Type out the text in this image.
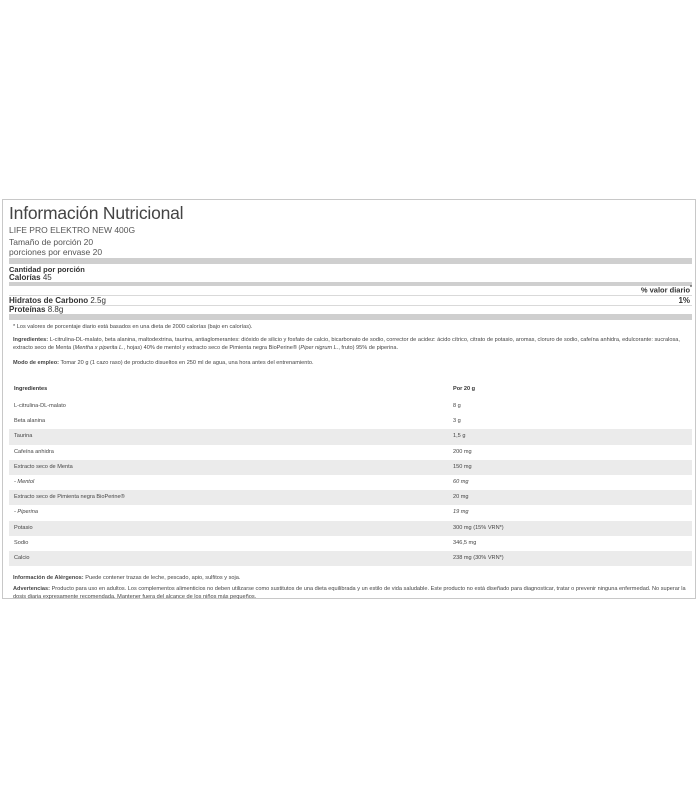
Información Nutricional
LIFE PRO ELEKTRO NEW 400G
Tamaño de porción 20
porciones por envase 20
Cantidad por porción
Calorías 45
% valor diario*
Hidratos de Carbono 2.5g	1%
Proteínas 8.8g
* Los valores de porcentaje diario está basados en una dieta de 2000 calorías (bajo en calorías).
Ingredientes: L-citrulina-DL-malato, beta alanina, maltodextrina, taurina, antiaglomerantes: dióxido de silicio y fosfato de calcio, bicarbonato de sodio, corrector de acidez: ácido cítrico, citrato de potasio, aromas, cloruro de sodio, cafeína anhidra, edulcorante: sucralosa, extracto seco de Menta (Mentha x piperita L., hojas) 40% de mentol y extracto seco de Pimienta negra BioPerine® (Piper nigrum L., fruto) 95% de piperina.
Modo de empleo: Tomar 20 g (1 cazo raso) de producto disueltos en 250 ml de agua, una hora antes del entrenamiento.
Ingredientes	Por 20 g
L-citrulina-DL-malato	8 g
Beta alanina	3 g
Taurina	1,5 g
Cafeína anhidra	200 mg
Extracto seco de Menta	150 mg
- Mentol	60 mg
Extracto seco de Pimienta negra BioPerine®	20 mg
- Piperina	19 mg
Potasio	300 mg (15% VRN*)
Sodio	346,5 mg
Calcio	238 mg (30% VRN*)
Información de Alérgenos: Puede contener trazas de leche, pescado, apio, sulfitos y soja.
Advertencias: Producto para uso en adultos. Los complementos alimenticios no deben utilizarse como sustitutos de una dieta equilibrada y un estilo de vida saludable. Este producto no está diseñado para diagnosticar, tratar o prevenir ninguna enfermedad. No superar la dosis diaria expresamente recomendada. Mantener fuera del alcance de los niños más pequeños.
